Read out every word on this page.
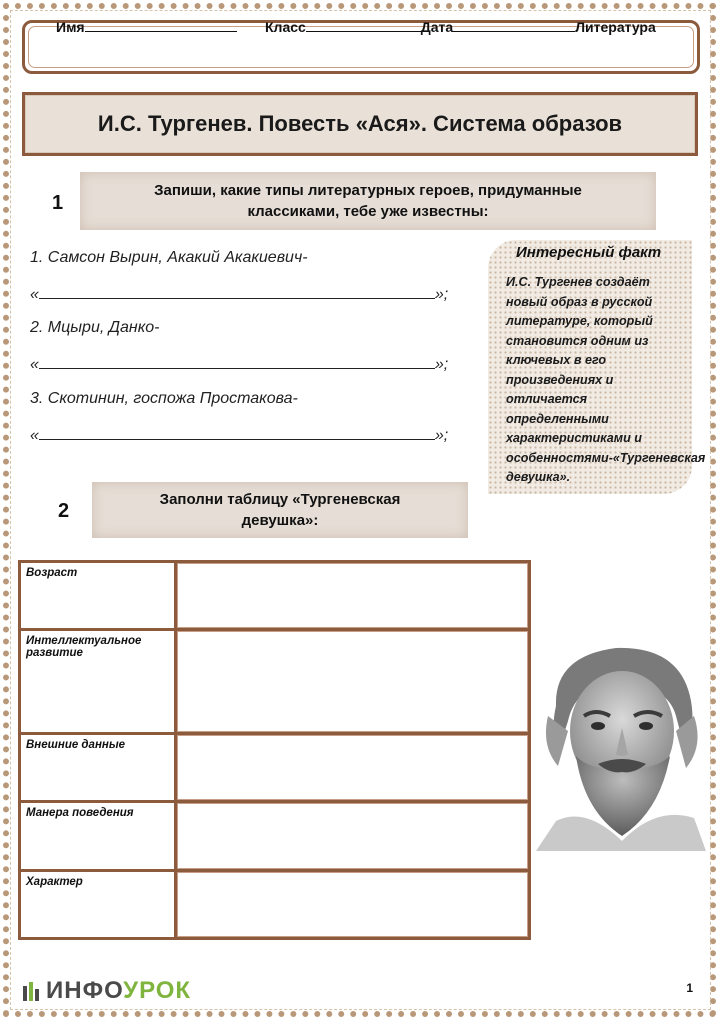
Имя	Класс	Дата	Литература
И.С. Тургенев. Повесть «Ася». Система образов
1
Запиши, какие типы литературных героев, придуманные классиками, тебе уже известны:
1. Самсон Вырин, Акакий Акакиевич-
«	»;
2. Мцыри, Данко-
«	»;
3. Скотинин, госпожа Простакова-
«	»;
Интересный факт
И.С. Тургенев создаёт новый образ в русской литературе, который становится одним из ключевых в его произведениях и отличается определенными характеристиками и особенностями-«Тургеневская девушка».
2
Заполни таблицу «Тургеневская девушка»:
Возраст	
Интеллектуальное развитие	
Внешние данные	
Манера поведения	
Характер	
ИНФОУРОК	1
